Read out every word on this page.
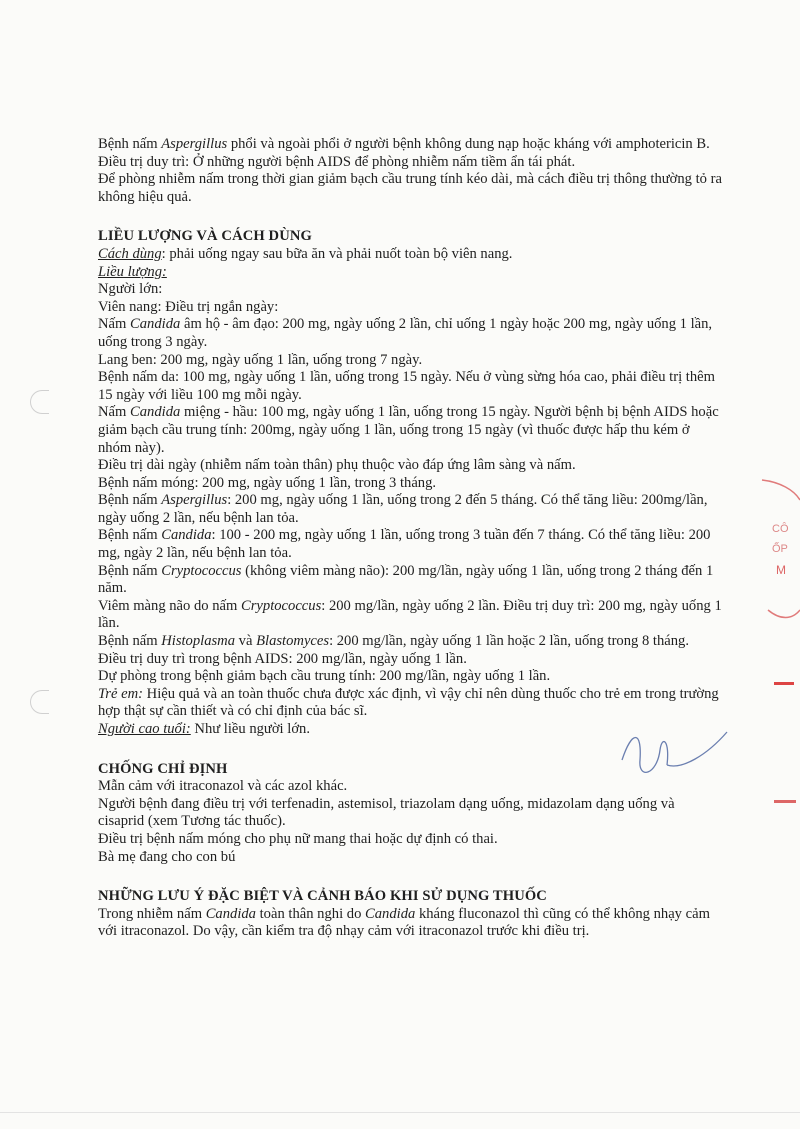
Bệnh nấm Aspergillus phổi và ngoài phổi ở người bệnh không dung nạp hoặc kháng với amphotericin B.

Điều trị duy trì: Ở những người bệnh AIDS để phòng nhiễm nấm tiềm ẩn tái phát.

Để phòng nhiễm nấm trong thời gian giảm bạch cầu trung tính kéo dài, mà cách điều trị thông thường tỏ ra không hiệu quả.

LIỀU LƯỢNG VÀ CÁCH DÙNG

Cách dùng: phải uống ngay sau bữa ăn và phải nuốt toàn bộ viên nang.

Liều lượng:

Người lớn:

Viên nang: Điều trị ngắn ngày:

Nấm Candida âm hộ - âm đạo: 200 mg, ngày uống 2 lần, chỉ uống 1 ngày hoặc 200 mg, ngày uống 1 lần, uống trong 3 ngày.

Lang ben: 200 mg, ngày uống 1 lần, uống trong 7 ngày.

Bệnh nấm da: 100 mg, ngày uống 1 lần, uống trong 15 ngày. Nếu ở vùng sừng hóa cao, phải điều trị thêm 15 ngày với liều 100 mg mỗi ngày.

Nấm Candida miệng - hầu: 100 mg, ngày uống 1 lần, uống trong 15 ngày. Người bệnh bị bệnh AIDS hoặc giảm bạch cầu trung tính: 200mg, ngày uống 1 lần, uống trong 15 ngày (vì thuốc được hấp thu kém ở nhóm này).

Điều trị dài ngày (nhiễm nấm toàn thân) phụ thuộc vào đáp ứng lâm sàng và nấm.

Bệnh nấm móng: 200 mg, ngày uống 1 lần, trong 3 tháng.

Bệnh nấm Aspergillus: 200 mg, ngày uống 1 lần, uống trong 2 đến 5 tháng. Có thể tăng liều: 200mg/lần, ngày uống 2 lần, nếu bệnh lan tỏa.

Bệnh nấm Candida: 100 - 200 mg, ngày uống 1 lần, uống trong 3 tuần đến 7 tháng. Có thể tăng liều: 200 mg, ngày 2 lần, nếu bệnh lan tỏa.

Bệnh nấm Cryptococcus (không viêm màng não): 200 mg/lần, ngày uống 1 lần, uống trong 2 tháng đến 1 năm.

Viêm màng não do nấm Cryptococcus: 200 mg/lần, ngày uống 2 lần. Điều trị duy trì: 200 mg, ngày uống 1 lần.

Bệnh nấm Histoplasma và Blastomyces: 200 mg/lần, ngày uống 1 lần hoặc 2 lần, uống trong 8 tháng.

Điều trị duy trì trong bệnh AIDS: 200 mg/lần, ngày uống 1 lần.

Dự phòng trong bệnh giảm bạch cầu trung tính: 200 mg/lần, ngày uống 1 lần.

Trẻ em: Hiệu quả và an toàn thuốc chưa được xác định, vì vậy chỉ nên dùng thuốc cho trẻ em trong trường hợp thật sự cần thiết và có chỉ định của bác sĩ.

Người cao tuổi: Như liều người lớn.

CHỐNG CHỈ ĐỊNH

Mẫn cảm với itraconazol và các azol khác.

Người bệnh đang điều trị với terfenadin, astemisol, triazolam dạng uống, midazolam dạng uống và cisaprid (xem Tương tác thuốc).

Điều trị bệnh nấm móng cho phụ nữ mang thai hoặc dự định có thai.

Bà mẹ đang cho con bú

NHỮNG LƯU Ý ĐẶC BIỆT VÀ CẢNH BÁO KHI SỬ DỤNG THUỐC

Trong nhiễm nấm Candida toàn thân nghi do Candida kháng fluconazol thì cũng có thể không nhạy cảm với itraconazol. Do vậy, cần kiểm tra độ nhạy cảm với itraconazol trước khi điều trị.

CÔ
ỐP
M
